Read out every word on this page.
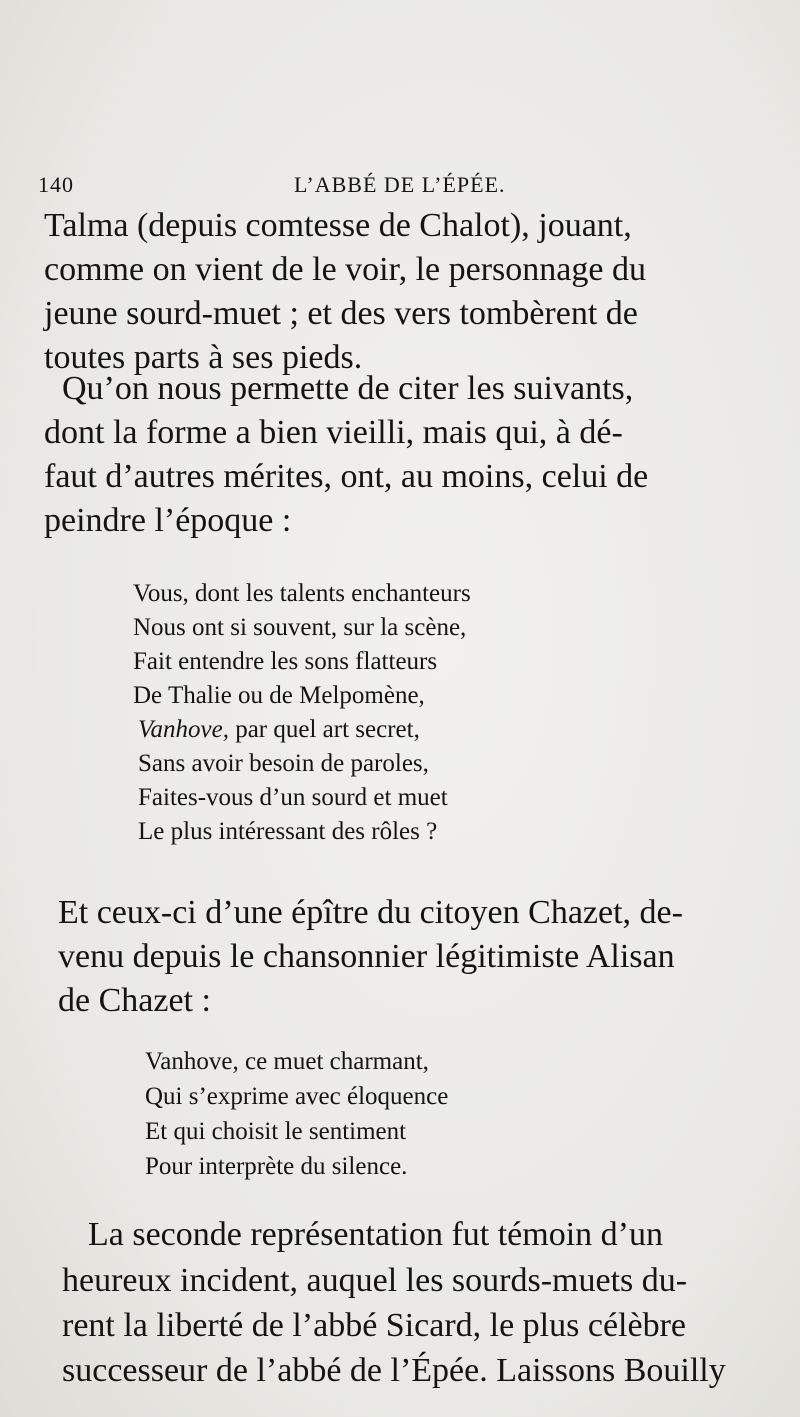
140	L’ABBÉ DE L’ÉPÉE.
Talma (depuis comtesse de Chalot), jouant,
comme on vient de le voir, le personnage du
jeune sourd-muet ; et des vers tombèrent de
toutes parts à ses pieds.
Qu’on nous permette de citer les suivants,
dont la forme a bien vieilli, mais qui, à dé-
faut d’autres mérites, ont, au moins, celui de
peindre l’époque :
Vous, dont les talents enchanteurs
Nous ont si souvent, sur la scène,
Fait entendre les sons flatteurs
De Thalie ou de Melpomène,
Vanhove, par quel art secret,
Sans avoir besoin de paroles,
Faites-vous d’un sourd et muet
Le plus intéressant des rôles ?
Et ceux-ci d’une épître du citoyen Chazet, de-
venu depuis le chansonnier légitimiste Alisan
de Chazet :
Vanhove, ce muet charmant,
Qui s’exprime avec éloquence
Et qui choisit le sentiment
Pour interprète du silence.
La seconde représentation fut témoin d’un
heureux incident, auquel les sourds-muets du-
rent la liberté de l’abbé Sicard, le plus célèbre
successeur de l’abbé de l’Épée. Laissons Bouilly
